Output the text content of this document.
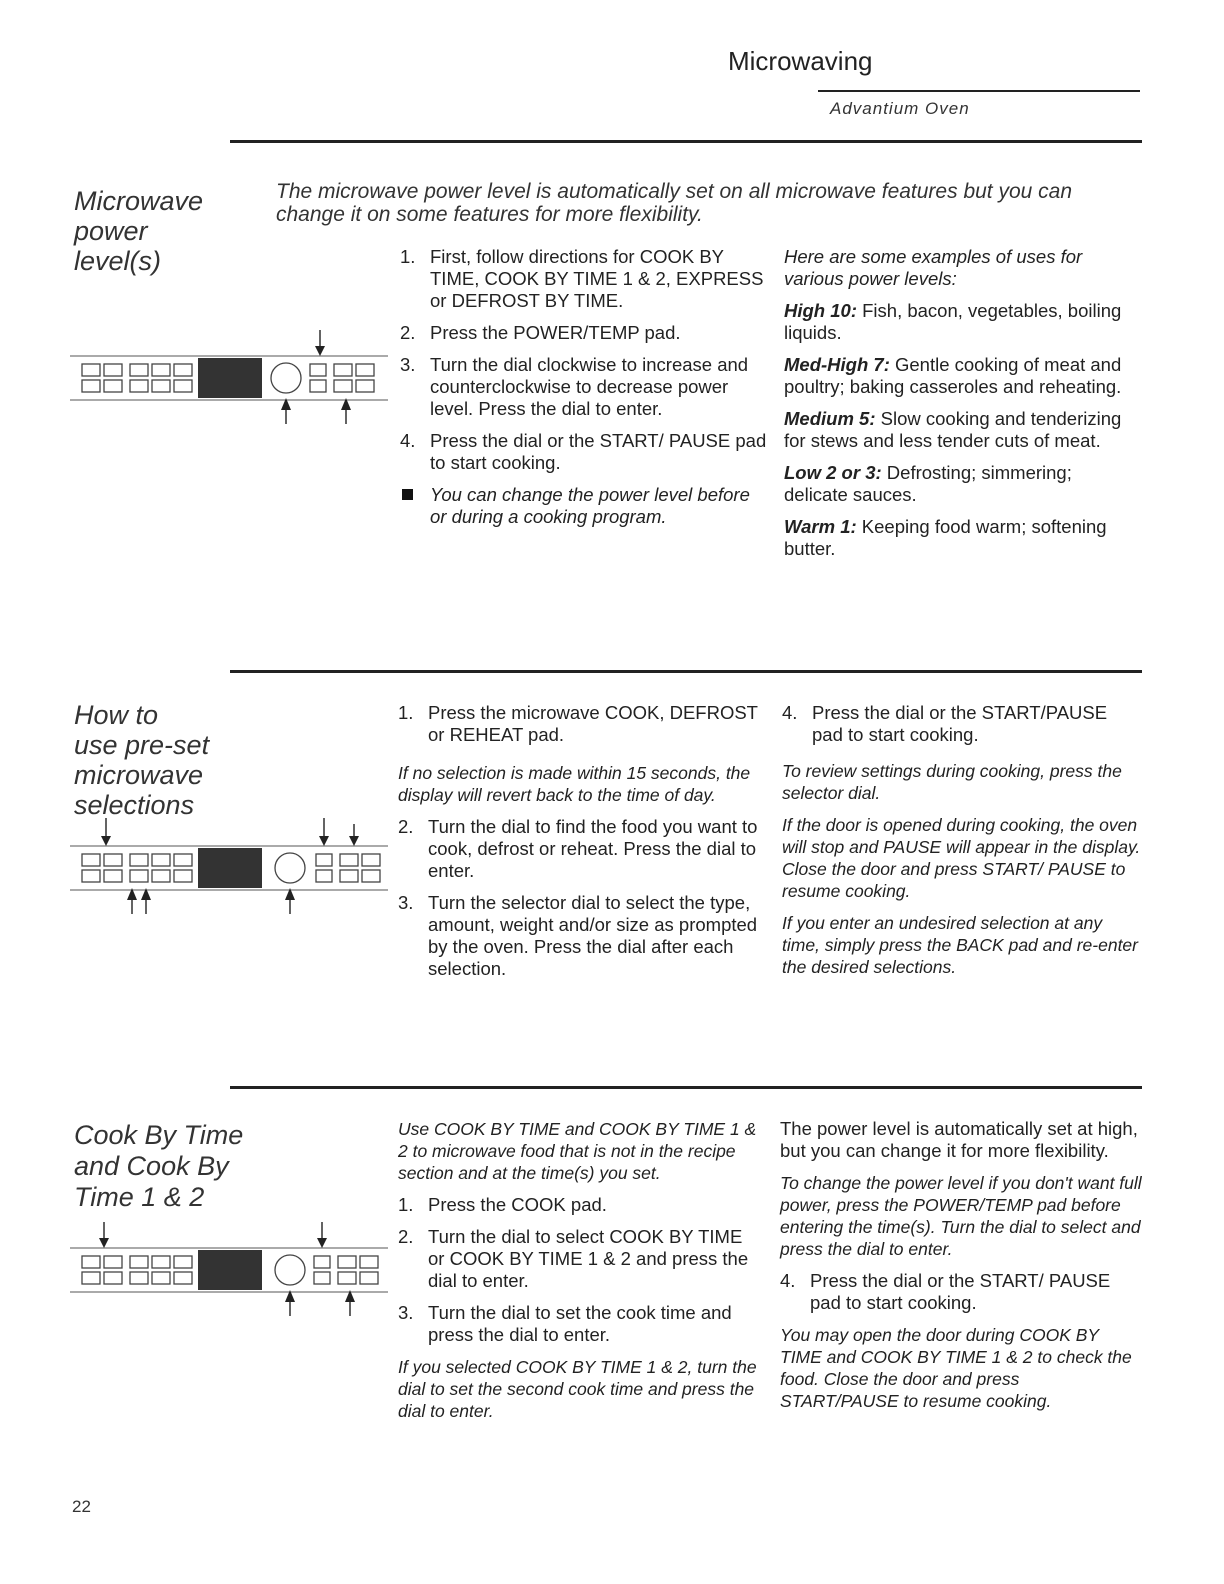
Microwaving
Advantium Oven
Microwave
power
level(s)
The microwave power level is automatically set on all microwave features but you can change it on some features for more flexibility.
1. First, follow directions for COOK BY TIME, COOK BY TIME 1 & 2, EXPRESS or DEFROST BY TIME.
2. Press the POWER/TEMP pad.
3. Turn the dial clockwise to increase and counterclockwise to decrease power level. Press the dial to enter.
4. Press the dial or the START/ PAUSE pad to start cooking.
You can change the power level before or during a cooking program.

Here are some examples of uses for various power levels:

High 10: Fish, bacon, vegetables, boiling liquids.

Med-High 7: Gentle cooking of meat and poultry; baking casseroles and reheating.

Medium 5: Slow cooking and tenderizing for stews and less tender cuts of meat.

Low 2 or 3: Defrosting; simmering; delicate sauces.

Warm 1: Keeping food warm; softening butter.

How to
use pre-set
microwave
selections
1. Press the microwave COOK, DEFROST or REHEAT pad.

If no selection is made within 15 seconds, the display will revert back to the time of day.

2. Turn the dial to find the food you want to cook, defrost or reheat. Press the dial to enter.
3. Turn the selector dial to select the type, amount, weight and/or size as prompted by the oven. Press the dial after each selection.
4. Press the dial or the START/PAUSE pad to start cooking.

To review settings during cooking, press the selector dial.

If the door is opened during cooking, the oven will stop and PAUSE will appear in the display. Close the door and press START/ PAUSE to resume cooking.

If you enter an undesired selection at any time, simply press the BACK pad and re-enter the desired selections.

Cook By Time
and Cook By
Time 1 & 2

Use COOK BY TIME and COOK BY TIME 1 & 2 to microwave food that is not in the recipe section and at the time(s) you set.

1. Press the COOK pad.
2. Turn the dial to select COOK BY TIME or COOK BY TIME 1 & 2 and press the dial to enter.
3. Turn the dial to set the cook time and press the dial to enter.

If you selected COOK BY TIME 1 & 2, turn the dial to set the second cook time and press the dial to enter.

The power level is automatically set at high, but you can change it for more flexibility.

To change the power level if you don't want full power, press the POWER/TEMP pad before entering the time(s). Turn the dial to select and press the dial to enter.

4. Press the dial or the START/ PAUSE pad to start cooking.

You may open the door during COOK BY TIME and COOK BY TIME 1 & 2 to check the food. Close the door and press START/PAUSE to resume cooking.

22
